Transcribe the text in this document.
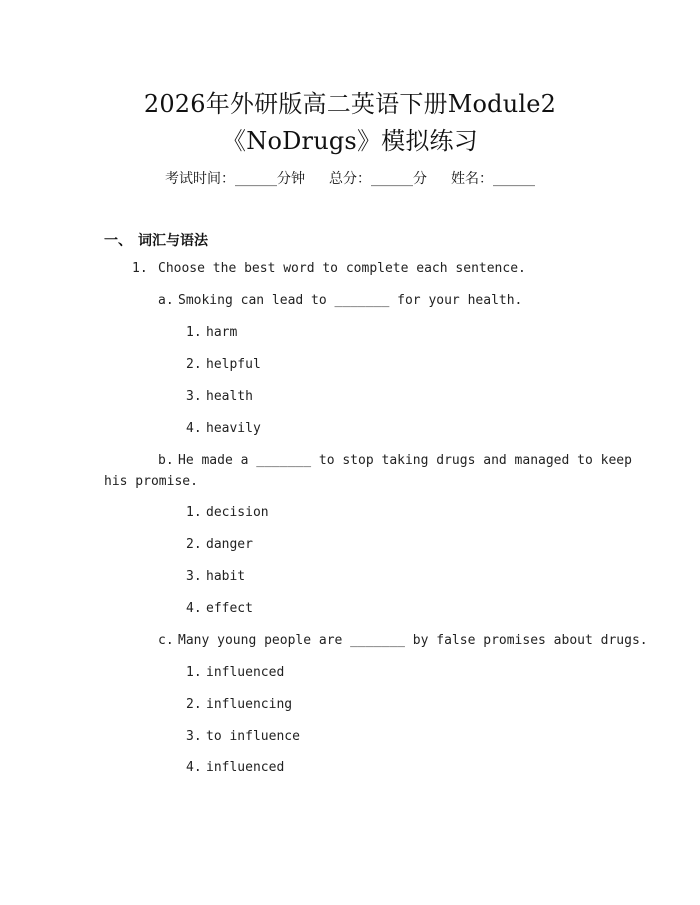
2026年外研版高二英语下册Module2
《NoDrugs》模拟练习
考试时间：______分钟 总分：______分 姓名：______
一、 词汇与语法
1. Choose the best word to complete each sentence.
a. Smoking can lead to _______ for your health.
1. harm
2. helpful
3. health
4. heavily
b. He made a _______ to stop taking drugs and managed to keep
his promise.
1. decision
2. danger
3. habit
4. effect
c. Many young people are _______ by false promises about drugs.
1. influenced
2. influencing
3. to influence
4. influenced
